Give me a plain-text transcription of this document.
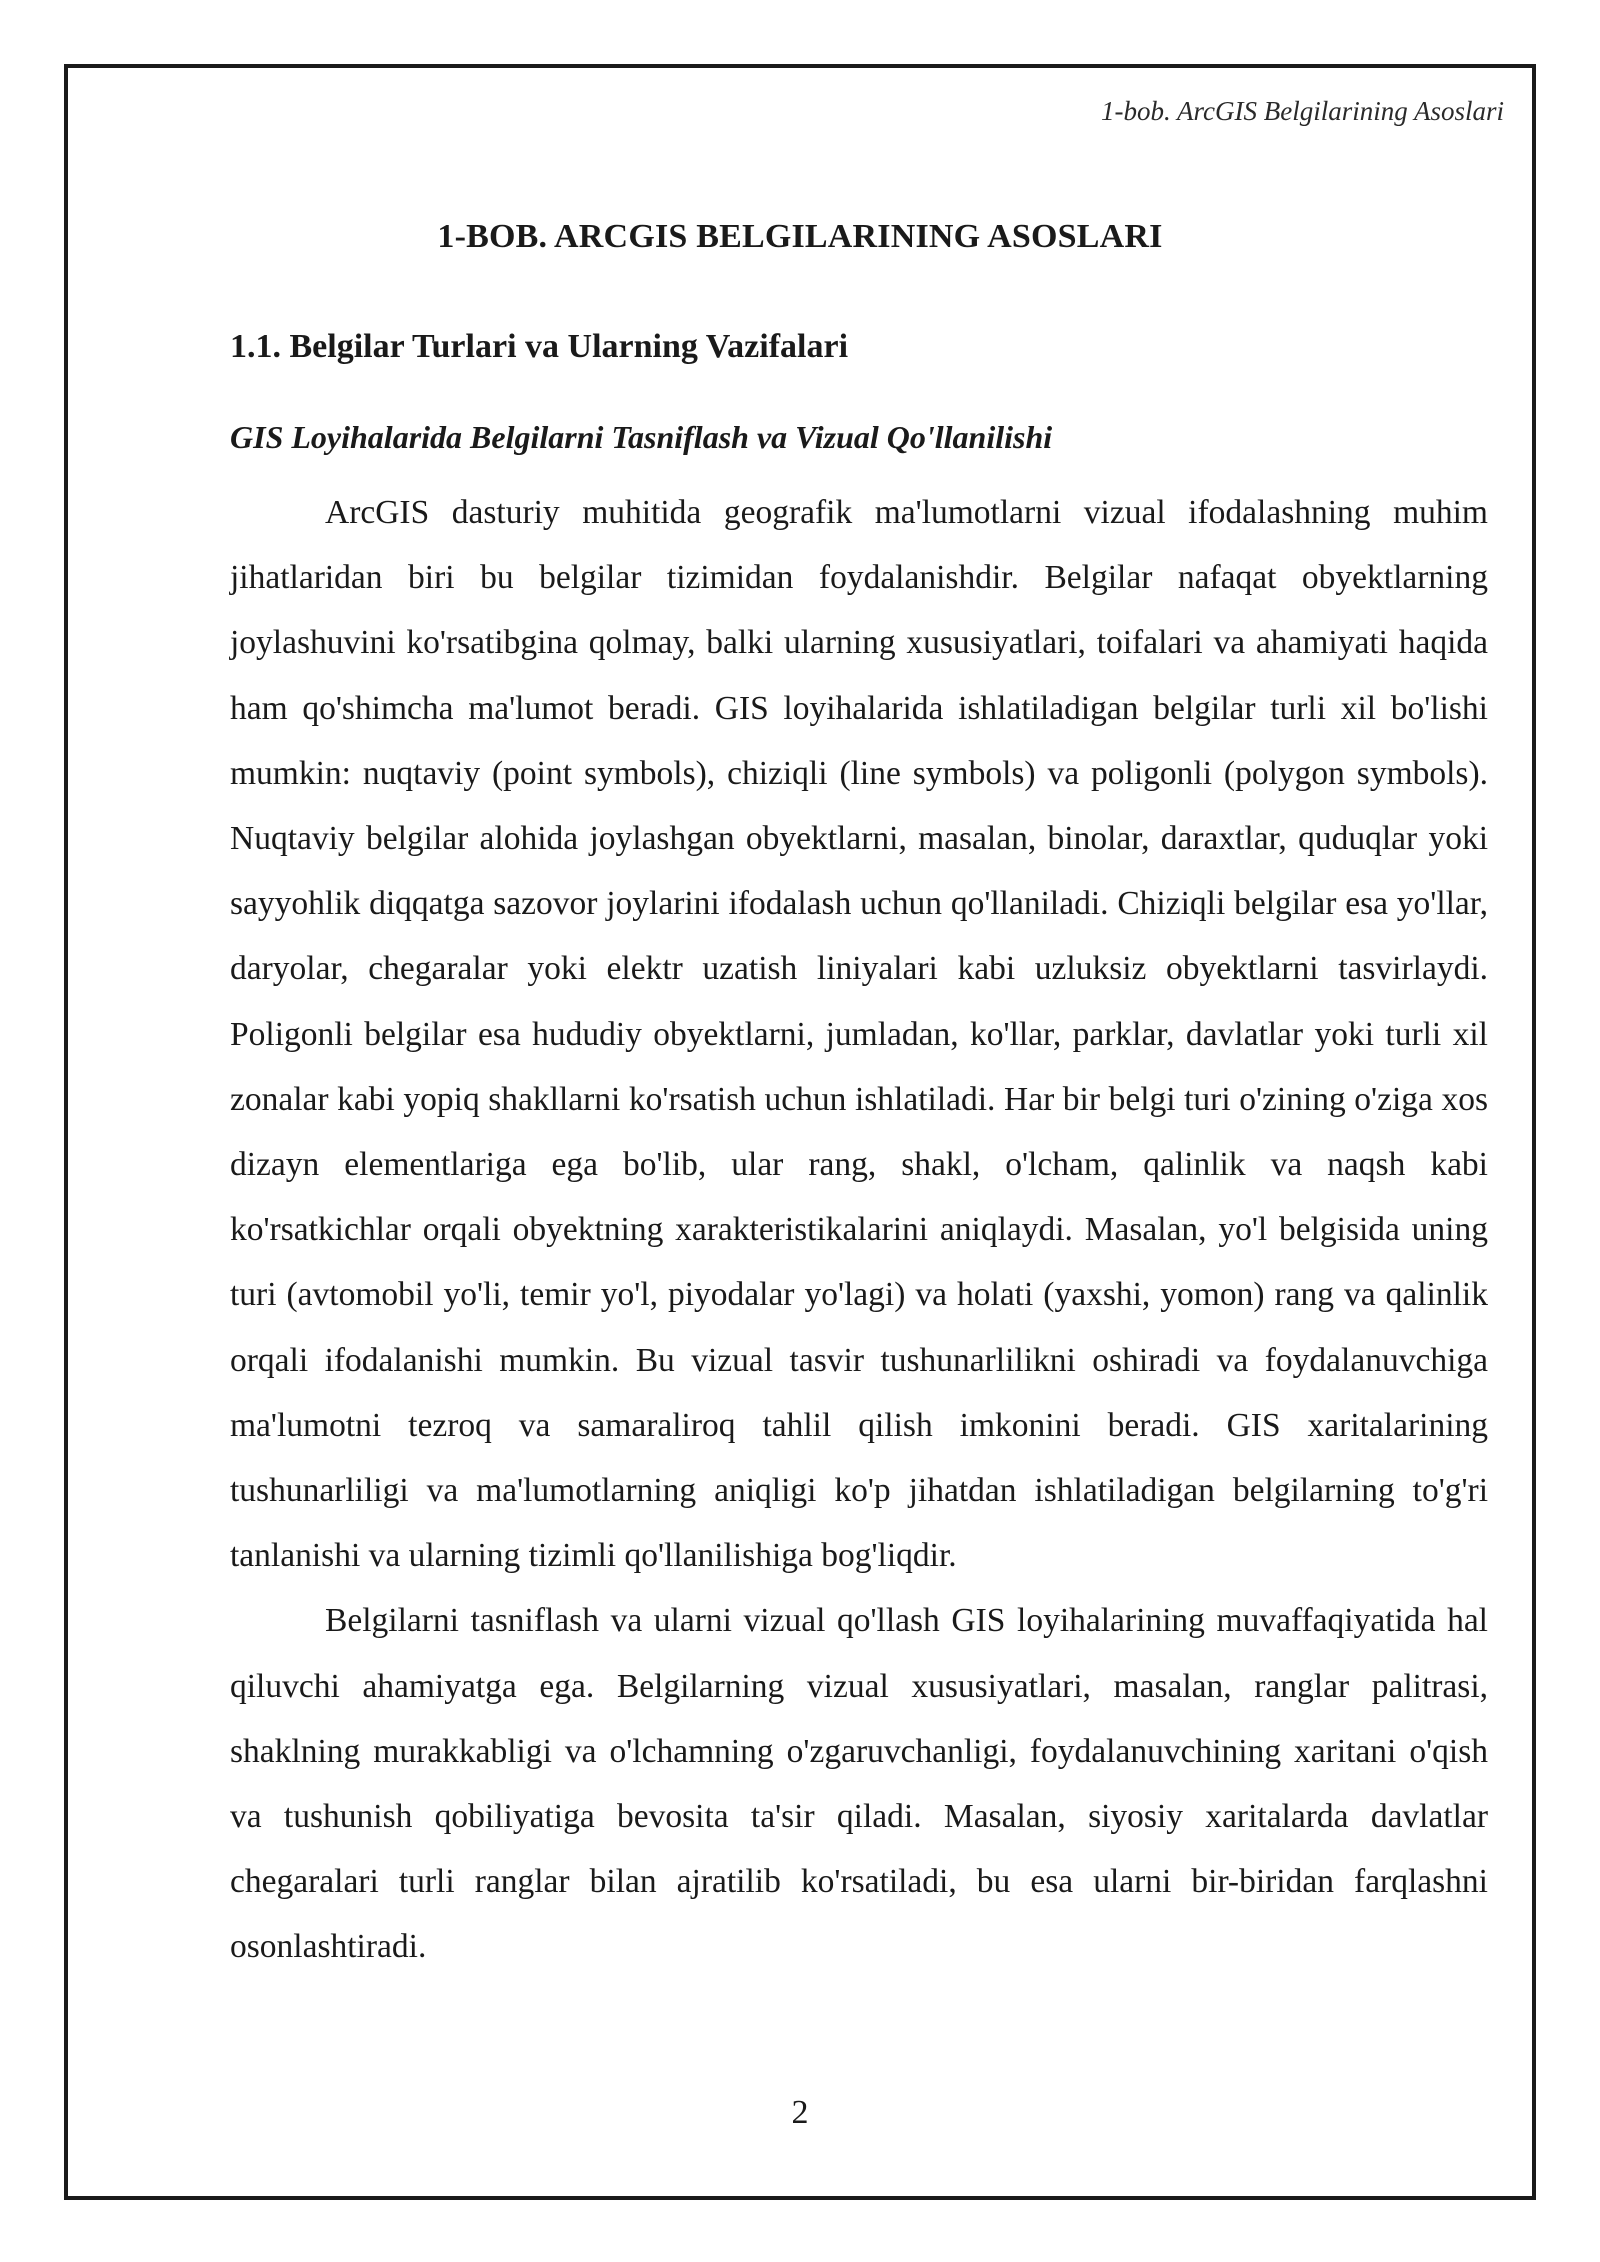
1-bob. ArcGIS Belgilarining Asoslari
1-BOB. ARCGIS BELGILARINING ASOSLARI
1.1. Belgilar Turlari va Ularning Vazifalari
GIS Loyihalarida Belgilarni Tasniflash va Vizual Qo'llanilishi

ArcGIS dasturiy muhitida geografik ma'lumotlarni vizual ifodalashning muhim jihatlaridan biri bu belgilar tizimidan foydalanishdir. Belgilar nafaqat obyektlarning joylashuvini ko'rsatibgina qolmay, balki ularning xususiyatlari, toifalari va ahamiyati haqida ham qo'shimcha ma'lumot beradi. GIS loyihalarida ishlatiladigan belgilar turli xil bo'lishi mumkin: nuqtaviy (point symbols), chiziqli (line symbols) va poligonli (polygon symbols). Nuqtaviy belgilar alohida joylashgan obyektlarni, masalan, binolar, daraxtlar, quduqlar yoki sayyohlik diqqatga sazovor joylarini ifodalash uchun qo'llaniladi. Chiziqli belgilar esa yo'llar, daryolar, chegaralar yoki elektr uzatish liniyalari kabi uzluksiz obyektlarni tasvirlaydi. Poligonli belgilar esa hududiy obyektlarni, jumladan, ko'llar, parklar, davlatlar yoki turli xil zonalar kabi yopiq shakllarni ko'rsatish uchun ishlatiladi. Har bir belgi turi o'zining o'ziga xos dizayn elementlariga ega bo'lib, ular rang, shakl, o'lcham, qalinlik va naqsh kabi ko'rsatkichlar orqali obyektning xarakteristikalarini aniqlaydi. Masalan, yo'l belgisida uning turi (avtomobil yo'li, temir yo'l, piyodalar yo'lagi) va holati (yaxshi, yomon) rang va qalinlik orqali ifodalanishi mumkin. Bu vizual tasvir tushunarlilikni oshiradi va foydalanuvchiga ma'lumotni tezroq va samaraliroq tahlil qilish imkonini beradi. GIS xaritalarining tushunarliligi va ma'lumotlarning aniqligi ko'p jihatdan ishlatiladigan belgilarning to'g'ri tanlanishi va ularning tizimli qo'llanilishiga bog'liqdir.

Belgilarni tasniflash va ularni vizual qo'llash GIS loyihalarining muvaffaqiyatida hal qiluvchi ahamiyatga ega. Belgilarning vizual xususiyatlari, masalan, ranglar palitrasi, shaklning murakkabligi va o'lchamning o'zgaruvchanligi, foydalanuvchining xaritani o'qish va tushunish qobiliyatiga bevosita ta'sir qiladi. Masalan, siyosiy xaritalarda davlatlar chegaralari turli ranglar bilan ajratilib ko'rsatiladi, bu esa ularni bir-biridan farqlashni osonlashtiradi.

2
